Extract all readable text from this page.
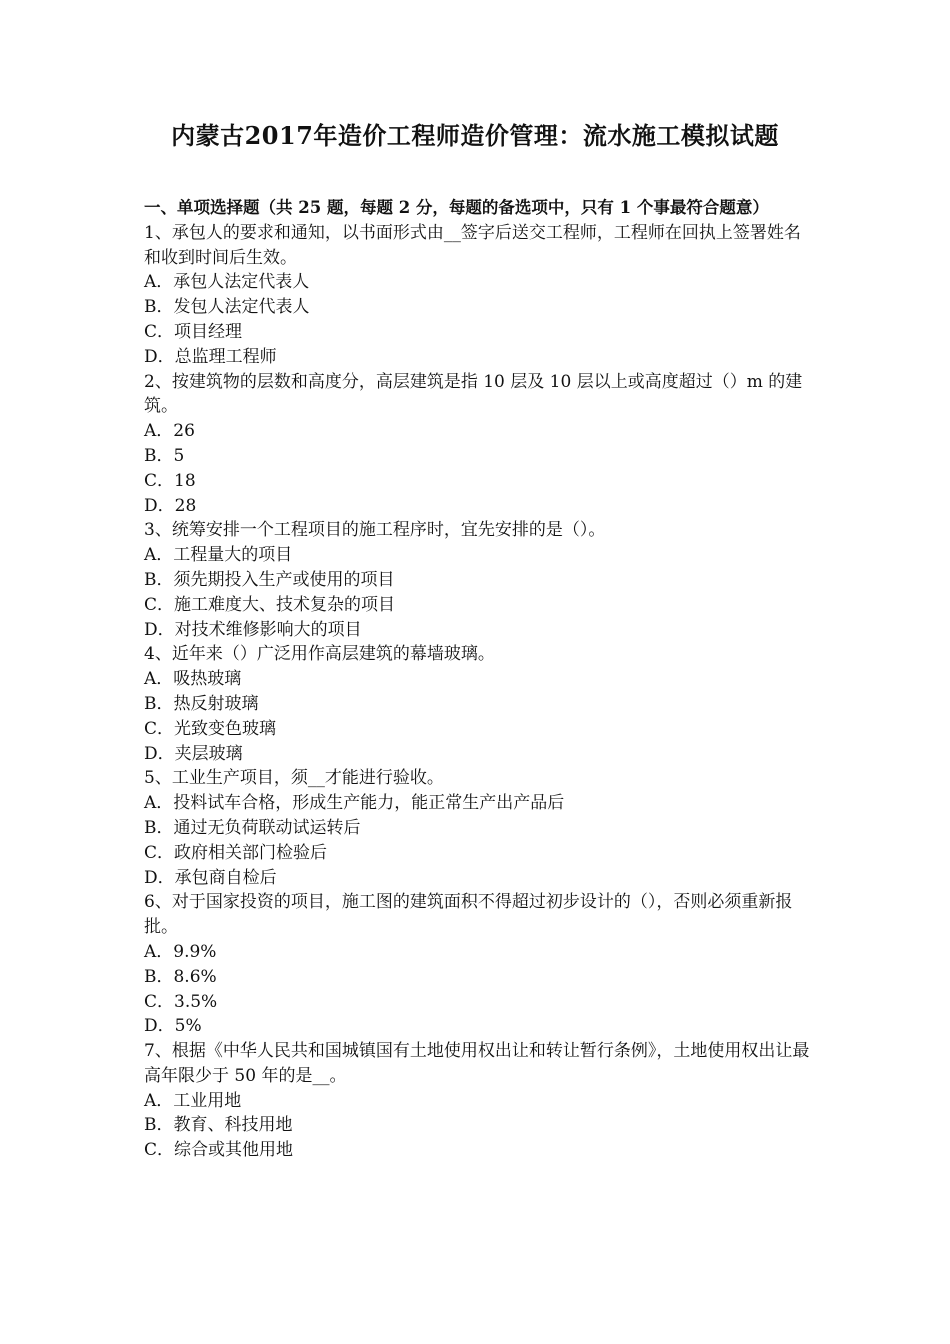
内蒙古2017年造价工程师造价管理：流水施工模拟试题
一、单项选择题（共 25 题，每题 2 分，每题的备选项中，只有 1 个事最符合题意）
1、承包人的要求和通知，以书面形式由__签字后送交工程师，工程师在回执上签署姓名和收到时间后生效。
A．承包人法定代表人
B．发包人法定代表人
C．项目经理
D．总监理工程师
2、按建筑物的层数和高度分，高层建筑是指 10 层及 10 层以上或高度超过（）m 的建筑。
A．26
B．5
C．18
D．28
3、统筹安排一个工程项目的施工程序时，宜先安排的是（）。
A．工程量大的项目
B．须先期投入生产或使用的项目
C．施工难度大、技术复杂的项目
D．对技术维修影响大的项目
4、近年来（）广泛用作高层建筑的幕墙玻璃。
A．吸热玻璃
B．热反射玻璃
C．光致变色玻璃
D．夹层玻璃
5、工业生产项目，须__才能进行验收。
A．投料试车合格，形成生产能力，能正常生产出产品后
B．通过无负荷联动试运转后
C．政府相关部门检验后
D．承包商自检后
6、对于国家投资的项目，施工图的建筑面积不得超过初步设计的（），否则必须重新报批。
A．9.9%
B．8.6%
C．3.5%
D．5%
7、根据《中华人民共和国城镇国有土地使用权出让和转让暂行条例》，土地使用权出让最高年限少于 50 年的是__。
A．工业用地
B．教育、科技用地
C．综合或其他用地
